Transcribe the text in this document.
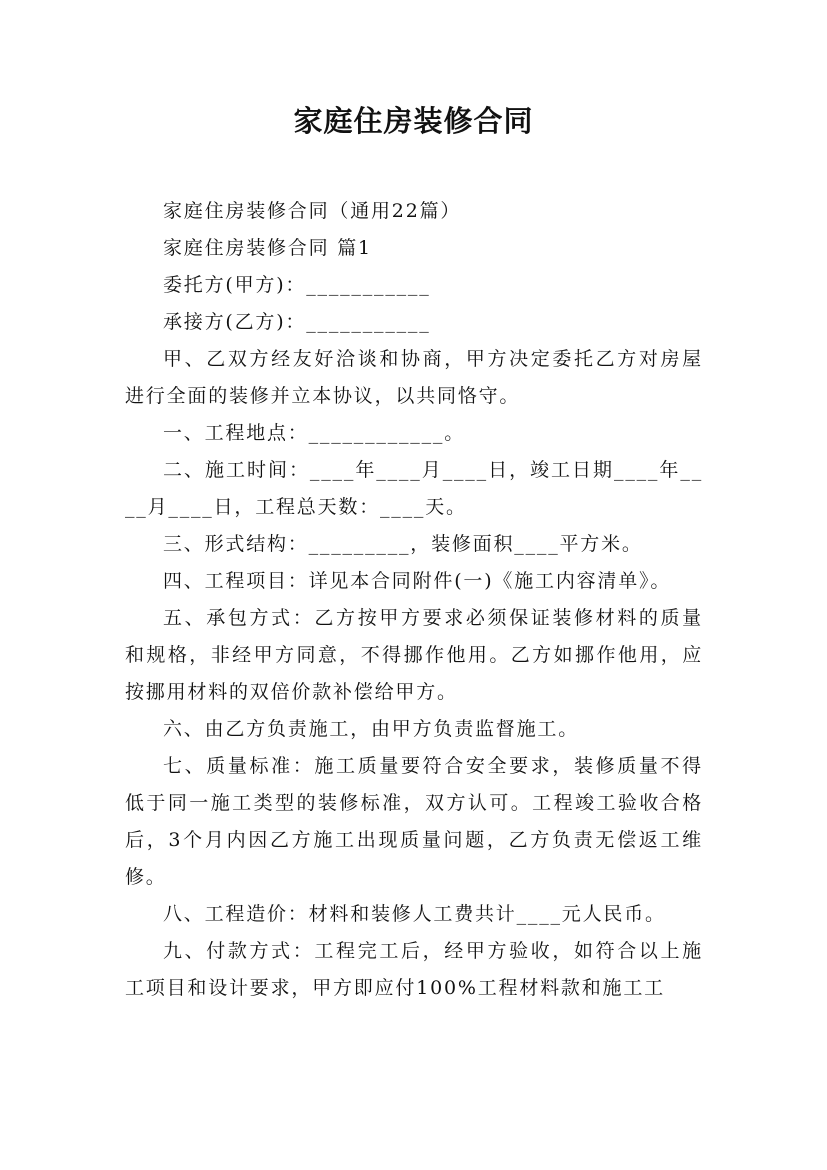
家庭住房装修合同

家庭住房装修合同（通用22篇）

家庭住房装修合同 篇1

委托方(甲方)：___________

承接方(乙方)：___________

甲、乙双方经友好洽谈和协商，甲方决定委托乙方对房屋进行全面的装修并立本协议，以共同恪守。

一、工程地点：____________。

二、施工时间：____年____月____日，竣工日期____年____月____日，工程总天数：____天。

三、形式结构：_________，装修面积____平方米。

四、工程项目：详见本合同附件(一)《施工内容清单》。

五、承包方式：乙方按甲方要求必须保证装修材料的质量和规格，非经甲方同意，不得挪作他用。乙方如挪作他用，应按挪用材料的双倍价款补偿给甲方。

六、由乙方负责施工，由甲方负责监督施工。

七、质量标准：施工质量要符合安全要求，装修质量不得低于同一施工类型的装修标准，双方认可。工程竣工验收合格后，3个月内因乙方施工出现质量问题，乙方负责无偿返工维修。

八、工程造价：材料和装修人工费共计____元人民币。

九、付款方式：工程完工后，经甲方验收，如符合以上施工项目和设计要求，甲方即应付100%工程材料款和施工工
